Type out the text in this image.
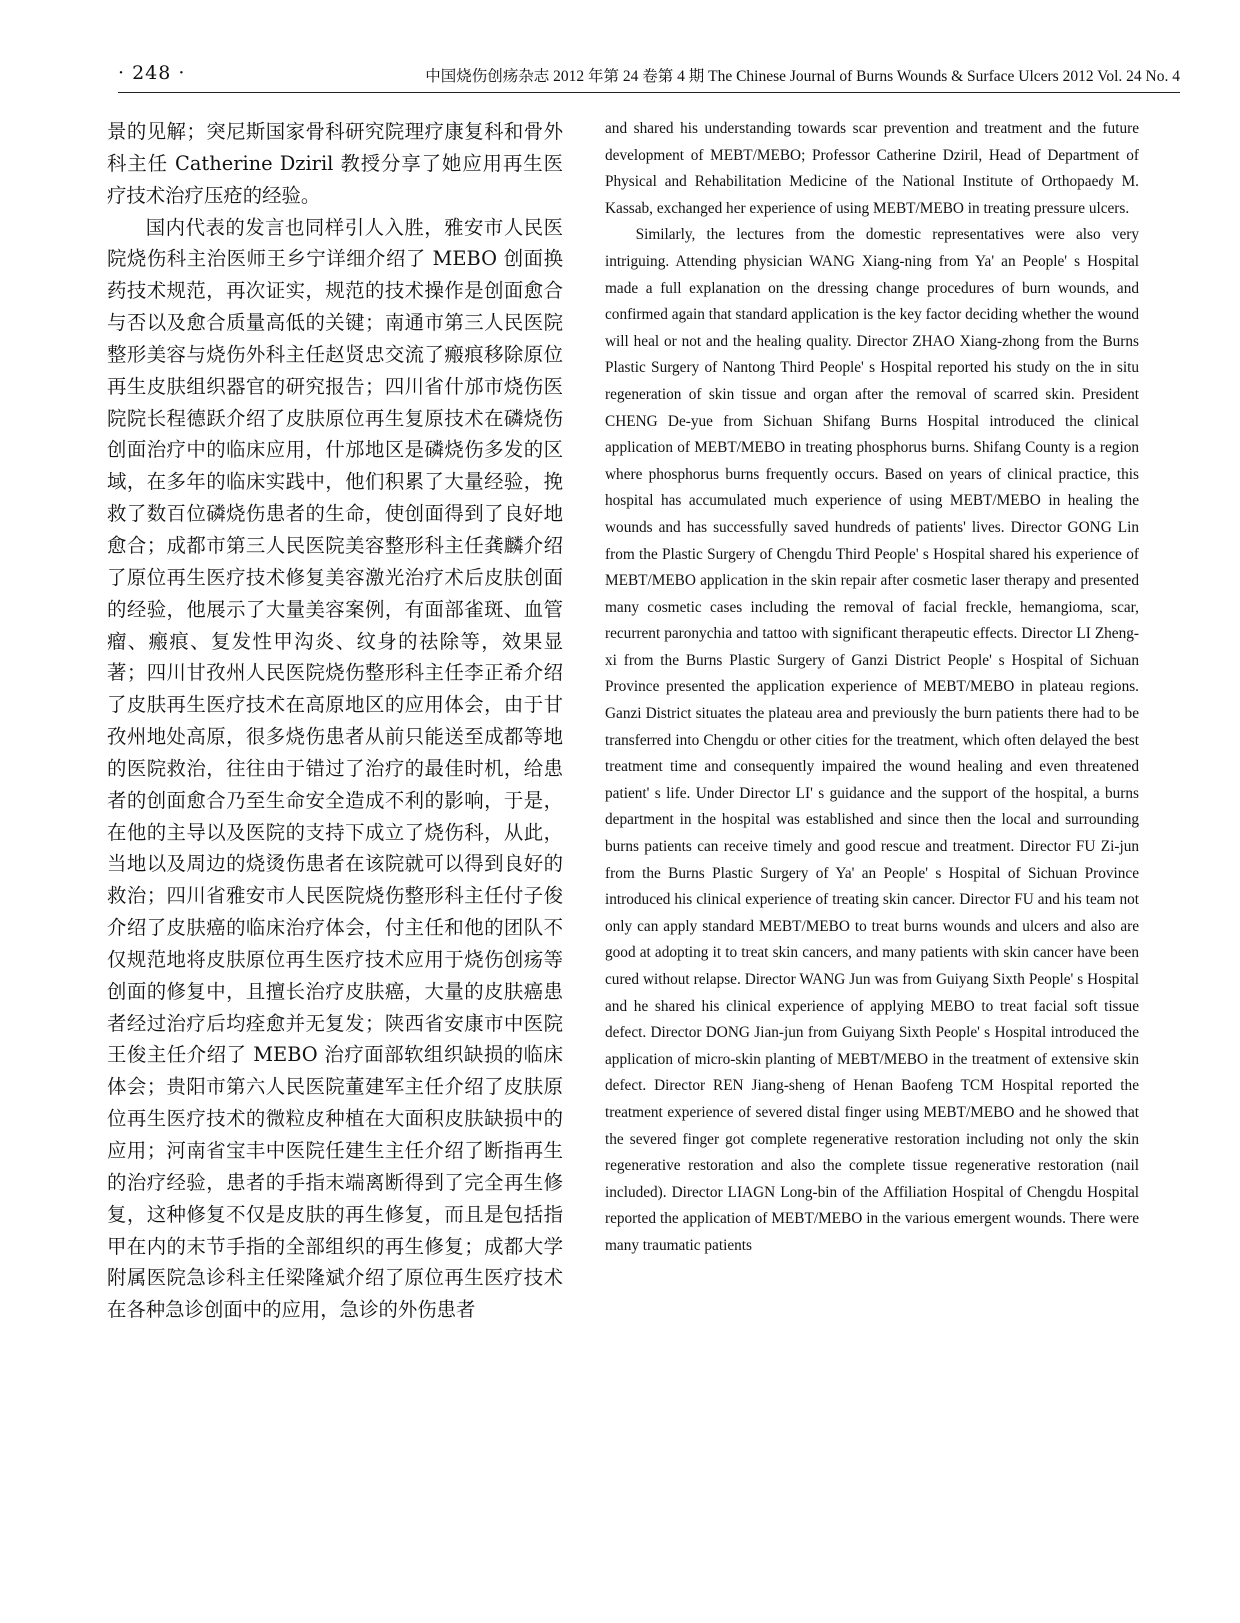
· 248 ·	中国烧伤创疡杂志 2012 年第 24 卷第 4 期 The Chinese Journal of Burns Wounds & Surface Ulcers 2012 Vol. 24 No. 4

景的见解；突尼斯国家骨科研究院理疗康复科和骨外科主任 Catherine Dziril 教授分享了她应用再生医疗技术治疗压疮的经验。

国内代表的发言也同样引人入胜，雅安市人民医院烧伤科主治医师王乡宁详细介绍了 MEBO 创面换药技术规范，再次证实，规范的技术操作是创面愈合与否以及愈合质量高低的关键；南通市第三人民医院整形美容与烧伤外科主任赵贤忠交流了瘢痕移除原位再生皮肤组织器官的研究报告；四川省什邡市烧伤医院院长程德跃介绍了皮肤原位再生复原技术在磷烧伤创面治疗中的临床应用，什邡地区是磷烧伤多发的区域，在多年的临床实践中，他们积累了大量经验，挽救了数百位磷烧伤患者的生命，使创面得到了良好地愈合；成都市第三人民医院美容整形科主任龚麟介绍了原位再生医疗技术修复美容激光治疗术后皮肤创面的经验，他展示了大量美容案例，有面部雀斑、血管瘤、瘢痕、复发性甲沟炎、纹身的祛除等，效果显著；四川甘孜州人民医院烧伤整形科主任李正希介绍了皮肤再生医疗技术在高原地区的应用体会，由于甘孜州地处高原，很多烧伤患者从前只能送至成都等地的医院救治，往往由于错过了治疗的最佳时机，给患者的创面愈合乃至生命安全造成不利的影响，于是，在他的主导以及医院的支持下成立了烧伤科，从此，当地以及周边的烧烫伤患者在该院就可以得到良好的救治；四川省雅安市人民医院烧伤整形科主任付子俊介绍了皮肤癌的临床治疗体会，付主任和他的团队不仅规范地将皮肤原位再生医疗技术应用于烧伤创疡等创面的修复中，且擅长治疗皮肤癌，大量的皮肤癌患者经过治疗后均痊愈并无复发；陕西省安康市中医院王俊主任介绍了 MEBO 治疗面部软组织缺损的临床体会；贵阳市第六人民医院董建军主任介绍了皮肤原位再生医疗技术的微粒皮种植在大面积皮肤缺损中的应用；河南省宝丰中医院任建生主任介绍了断指再生的治疗经验，患者的手指末端离断得到了完全再生修复，这种修复不仅是皮肤的再生修复，而且是包括指甲在内的末节手指的全部组织的再生修复；成都大学附属医院急诊科主任梁隆斌介绍了原位再生医疗技术在各种急诊创面中的应用，急诊的外伤患者

and shared his understanding towards scar prevention and treatment and the future development of MEBT/MEBO; Professor Catherine Dziril, Head of Department of Physical and Rehabilitation Medicine of the National Institute of Orthopaedy M. Kassab, exchanged her experience of using MEBT/MEBO in treating pressure ulcers.

Similarly, the lectures from the domestic representatives were also very intriguing. Attending physician WANG Xiang-ning from Ya' an People' s Hospital made a full explanation on the dressing change procedures of burn wounds, and confirmed again that standard application is the key factor deciding whether the wound will heal or not and the healing quality. Director ZHAO Xiang-zhong from the Burns Plastic Surgery of Nantong Third People' s Hospital reported his study on the in situ regeneration of skin tissue and organ after the removal of scarred skin. President CHENG De-yue from Sichuan Shifang Burns Hospital introduced the clinical application of MEBT/MEBO in treating phosphorus burns. Shifang County is a region where phosphorus burns frequently occurs. Based on years of clinical practice, this hospital has accumulated much experience of using MEBT/MEBO in healing the wounds and has successfully saved hundreds of patients' lives. Director GONG Lin from the Plastic Surgery of Chengdu Third People' s Hospital shared his experience of MEBT/MEBO application in the skin repair after cosmetic laser therapy and presented many cosmetic cases including the removal of facial freckle, hemangioma, scar, recurrent paronychia and tattoo with significant therapeutic effects. Director LI Zheng-xi from the Burns Plastic Surgery of Ganzi District People' s Hospital of Sichuan Province presented the application experience of MEBT/MEBO in plateau regions. Ganzi District situates the plateau area and previously the burn patients there had to be transferred into Chengdu or other cities for the treatment, which often delayed the best treatment time and consequently impaired the wound healing and even threatened patient' s life. Under Director LI' s guidance and the support of the hospital, a burns department in the hospital was established and since then the local and surrounding burns patients can receive timely and good rescue and treatment. Director FU Zi-jun from the Burns Plastic Surgery of Ya' an People' s Hospital of Sichuan Province introduced his clinical experience of treating skin cancer. Director FU and his team not only can apply standard MEBT/MEBO to treat burns wounds and ulcers and also are good at adopting it to treat skin cancers, and many patients with skin cancer have been cured without relapse. Director WANG Jun was from Guiyang Sixth People' s Hospital and he shared his clinical experience of applying MEBO to treat facial soft tissue defect. Director DONG Jian-jun from Guiyang Sixth People' s Hospital introduced the application of micro-skin planting of MEBT/MEBO in the treatment of extensive skin defect. Director REN Jiang-sheng of Henan Baofeng TCM Hospital reported the treatment experience of severed distal finger using MEBT/MEBO and he showed that the severed finger got complete regenerative restoration including not only the skin regenerative restoration and also the complete tissue regenerative restoration (nail included). Director LIAGN Long-bin of the Affiliation Hospital of Chengdu Hospital reported the application of MEBT/MEBO in the various emergent wounds. There were many traumatic patients
